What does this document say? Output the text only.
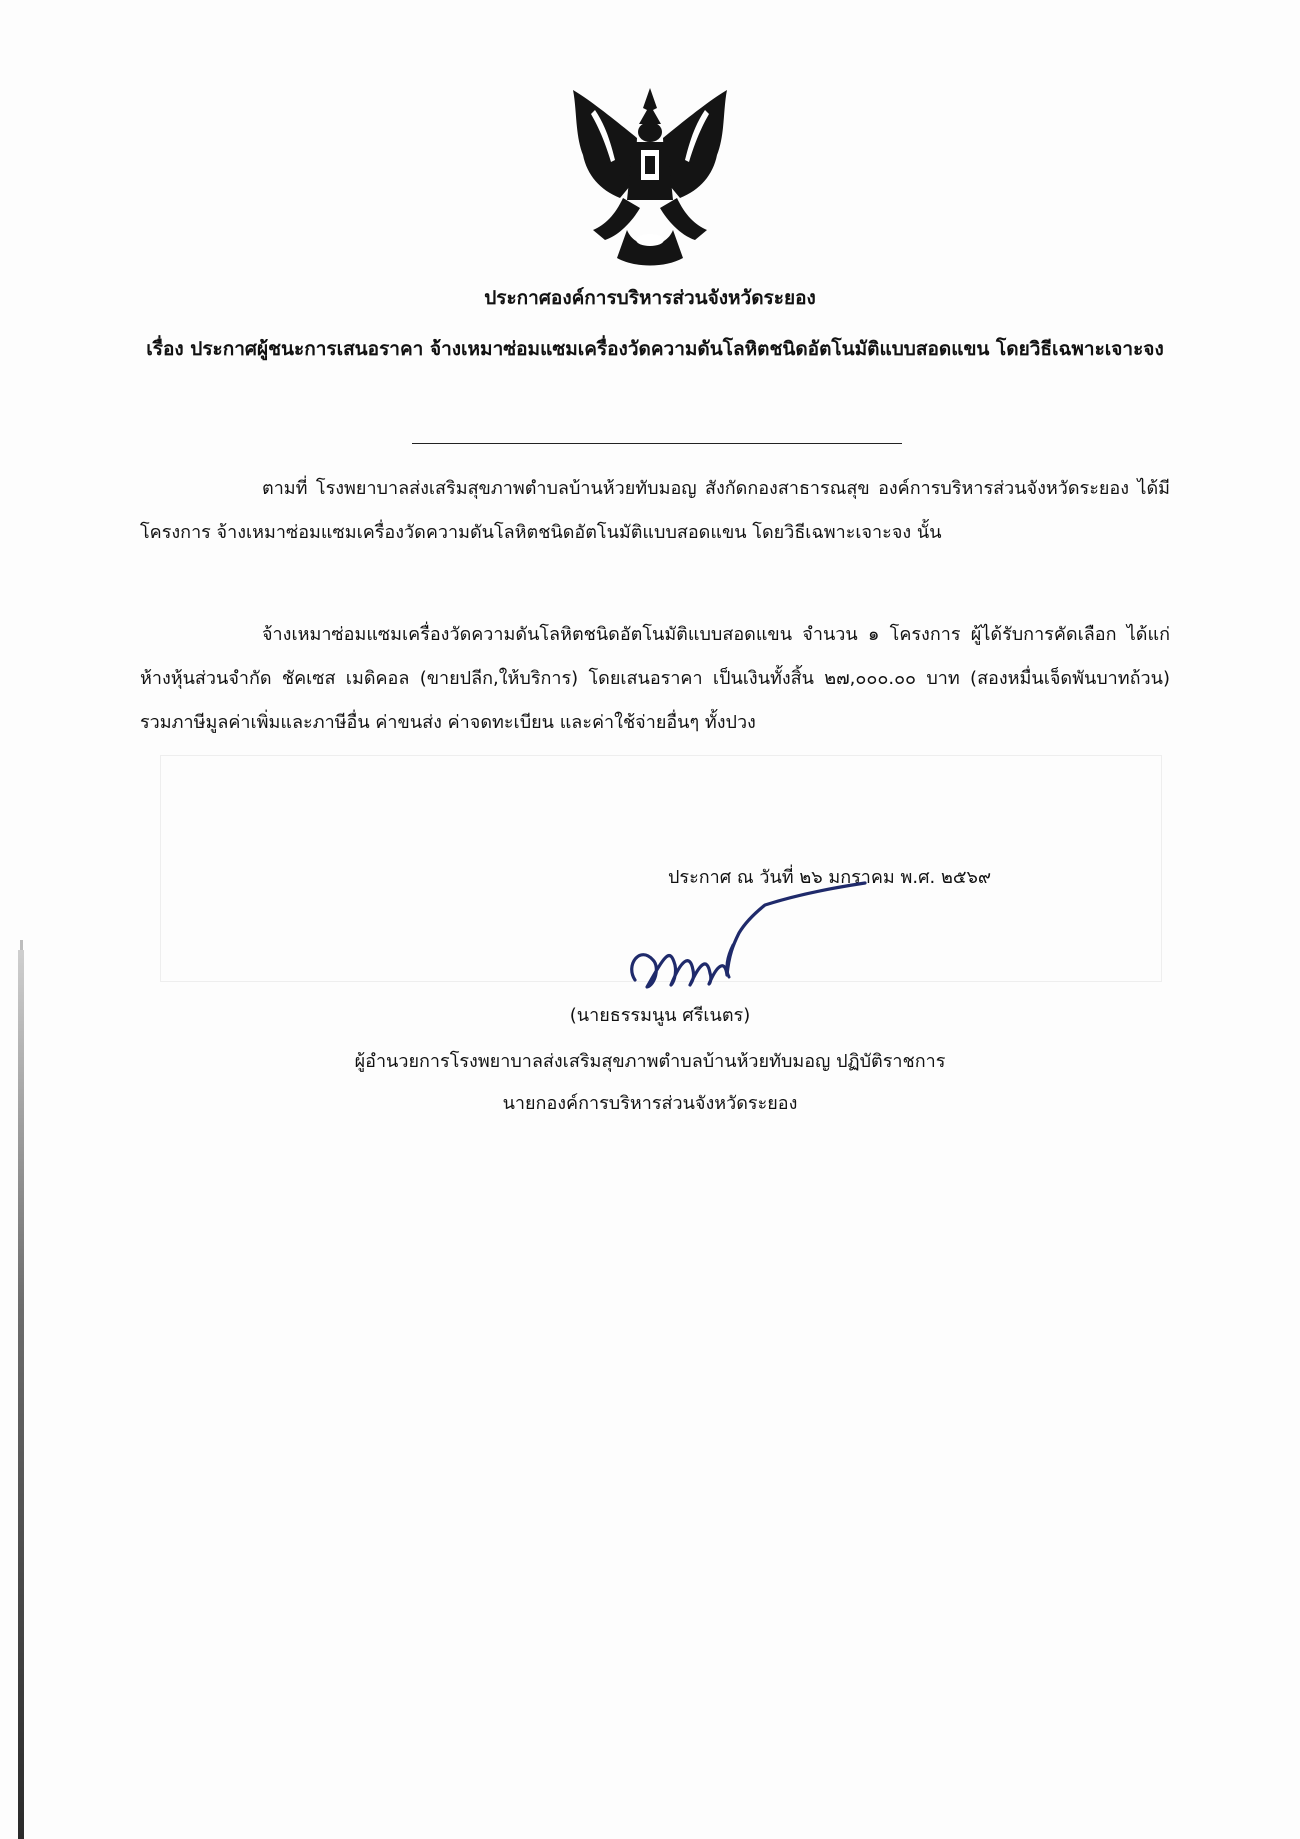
ประกาศองค์การบริหารส่วนจังหวัดระยอง
เรื่อง ประกาศผู้ชนะการเสนอราคา จ้างเหมาซ่อมแซมเครื่องวัดความดันโลหิตชนิดอัตโนมัติแบบสอดแขน โดยวิธีเฉพาะเจาะจง
ตามที่ โรงพยาบาลส่งเสริมสุขภาพตำบลบ้านห้วยทับมอญ สังกัดกองสาธารณสุข องค์การบริหารส่วนจังหวัดระยอง ได้มีโครงการ จ้างเหมาซ่อมแซมเครื่องวัดความดันโลหิตชนิดอัตโนมัติแบบสอดแขน โดยวิธีเฉพาะเจาะจง นั้น
จ้างเหมาซ่อมแซมเครื่องวัดความดันโลหิตชนิดอัตโนมัติแบบสอดแขน จำนวน ๑ โครงการ ผู้ได้รับการคัดเลือก ได้แก่ ห้างหุ้นส่วนจำกัด ชัคเซส เมดิคอล (ขายปลีก,ให้บริการ) โดยเสนอราคา เป็นเงินทั้งสิ้น ๒๗,๐๐๐.๐๐ บาท (สองหมื่นเจ็ดพันบาทถ้วน) รวมภาษีมูลค่าเพิ่มและภาษีอื่น ค่าขนส่ง ค่าจดทะเบียน และค่าใช้จ่ายอื่นๆ ทั้งปวง
ประกาศ ณ วันที่ ๒๖ มกราคม พ.ศ. ๒๕๖๙
(นายธรรมนูน ศรีเนตร)
ผู้อำนวยการโรงพยาบาลส่งเสริมสุขภาพตำบลบ้านห้วยทับมอญ ปฏิบัติราชการ
นายกองค์การบริหารส่วนจังหวัดระยอง
